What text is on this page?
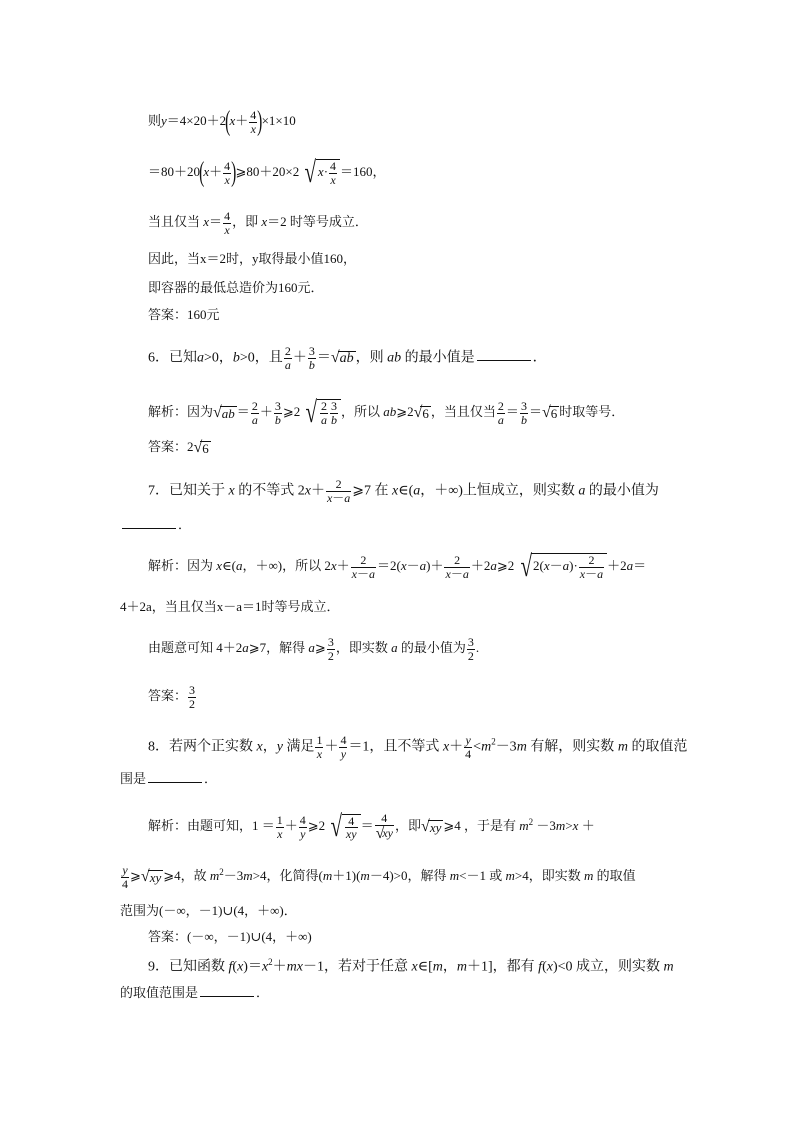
则$y=4\times 20+2(x+ \frac{4}{x} )\times 1\times 10$
$=80+20(x+ \frac{4}{x}$ )⩾80＋20×2 $√x\cdot \frac{4}{x} =160$，
当且仅当 $x= \frac{4}{x}$ ，即 x＝2 时等号成立．
因此，当x＝2时，y取得最小值160，
即容器的最低总造价为160元．
答案：160元
6．已知a>0，b>0，且 $\frac{2}{a} + \frac{3}{b} =√ab$ ，则 ab 的最小值是	．
解析：因为$√ab = \frac{2}{a} + \frac{3}{b}$ ⩾2 √ $\frac{2}{a} \frac{3}{b}$ ，所以 ab⩾2√6 ，当且仅当 $\frac{2}{a} = \frac{3}{b} =√6$ 时取等号．
答案：2√6
7．已知关于 x 的不等式 $2x+ \frac{2}{x-a}$ ⩾7 在 x∈(a，＋∞)上恒成立，则实数 a 的最小值为
．
解析：因为 x∈(a，＋∞)，所以 $2x+ \frac{2}{x-a} =2(x-a)+ \frac{2}{x-a}$ ＋2a⩾2 $√2(x-a)\cdot \frac{2}{x-a} +2a=$
4＋2a，当且仅当x－a＝1时等号成立．
由题意可知 4＋2a⩾7，解得 a⩾ $\frac{3}{2}$ ，即实数 a 的最小值为 $\frac{3}{2}$ .
答案： $\frac{3}{2}$
8．若两个正实数 x，y 满足 $\frac{1}{x} + \frac{4}{y} =1$，且不等式 $x+ \frac{y}{4} <m^2-3m$ 有解，则实数 m 的取值范
围是	．
解析：由题可知，$1 = \frac{1}{x} + \frac{4}{y}$ ⩾2 √ $\frac{4}{xy} = \frac{4}{√xy}$ ，即√xy ⩾4 ，于是有 $m^2 -3m>x$ ＋
$\frac{y}{4}$ ⩾√xy ⩾4，故 $m^2-3m>4$，化简得(m＋1)(m－4)>0，解得 m<－1 或 m>4，即实数 m 的取值
范围为(－∞，－1)∪(4，＋∞)．
答案：(－∞，－1)∪(4，＋∞)
9．已知函数 $f(x)=x^2+mx-1$，若对于任意 x∈[m，m＋1]，都有 f(x)<0 成立，则实数 m
的取值范围是	．
